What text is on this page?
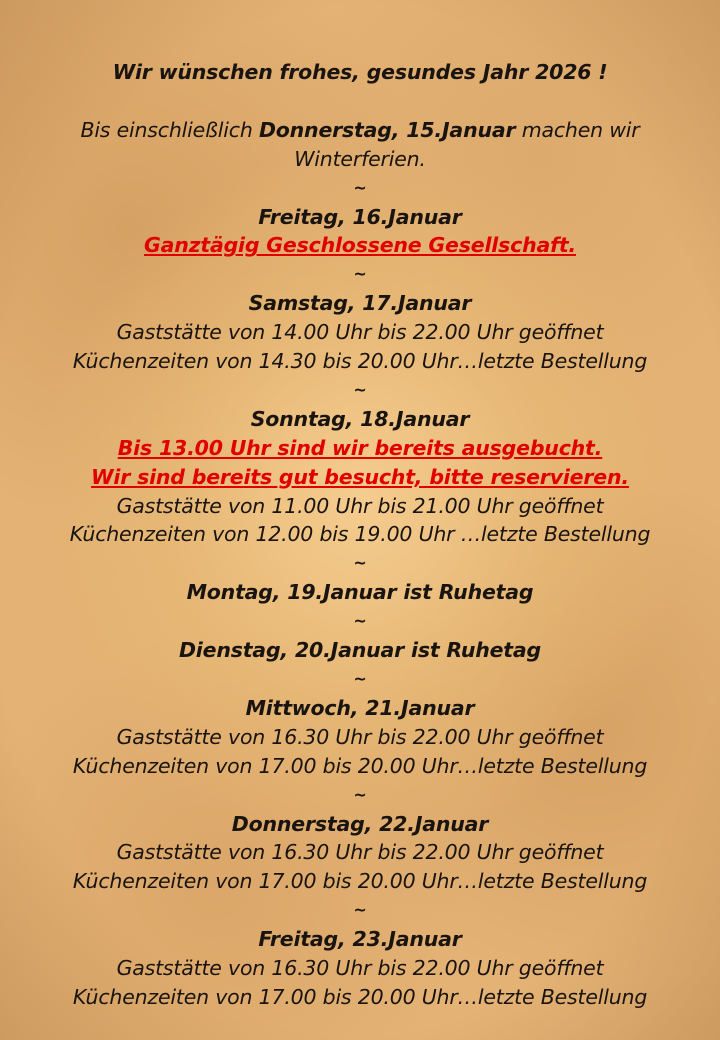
Wir wünschen frohes, gesundes Jahr 2026 !
Bis einschließlich Donnerstag, 15.Januar machen wir Winterferien.
~
Freitag, 16.Januar
Ganztägig Geschlossene Gesellschaft.
~
Samstag, 17.Januar
Gaststätte von 14.00 Uhr bis 22.00 Uhr geöffnet
Küchenzeiten von 14.30 bis 20.00 Uhr…letzte Bestellung
~
Sonntag, 18.Januar
Bis 13.00 Uhr sind wir bereits ausgebucht.
Wir sind bereits gut besucht, bitte reservieren.
Gaststätte von 11.00 Uhr bis 21.00 Uhr geöffnet
Küchenzeiten von 12.00 bis 19.00 Uhr …letzte Bestellung
~
Montag, 19.Januar ist Ruhetag
~
Dienstag, 20.Januar ist Ruhetag
~
Mittwoch, 21.Januar
Gaststätte von 16.30 Uhr bis 22.00 Uhr geöffnet
Küchenzeiten von 17.00 bis 20.00 Uhr…letzte Bestellung
~
Donnerstag, 22.Januar
Gaststätte von 16.30 Uhr bis 22.00 Uhr geöffnet
Küchenzeiten von 17.00 bis 20.00 Uhr…letzte Bestellung
~
Freitag, 23.Januar
Gaststätte von 16.30 Uhr bis 22.00 Uhr geöffnet
Küchenzeiten von 17.00 bis 20.00 Uhr…letzte Bestellung
